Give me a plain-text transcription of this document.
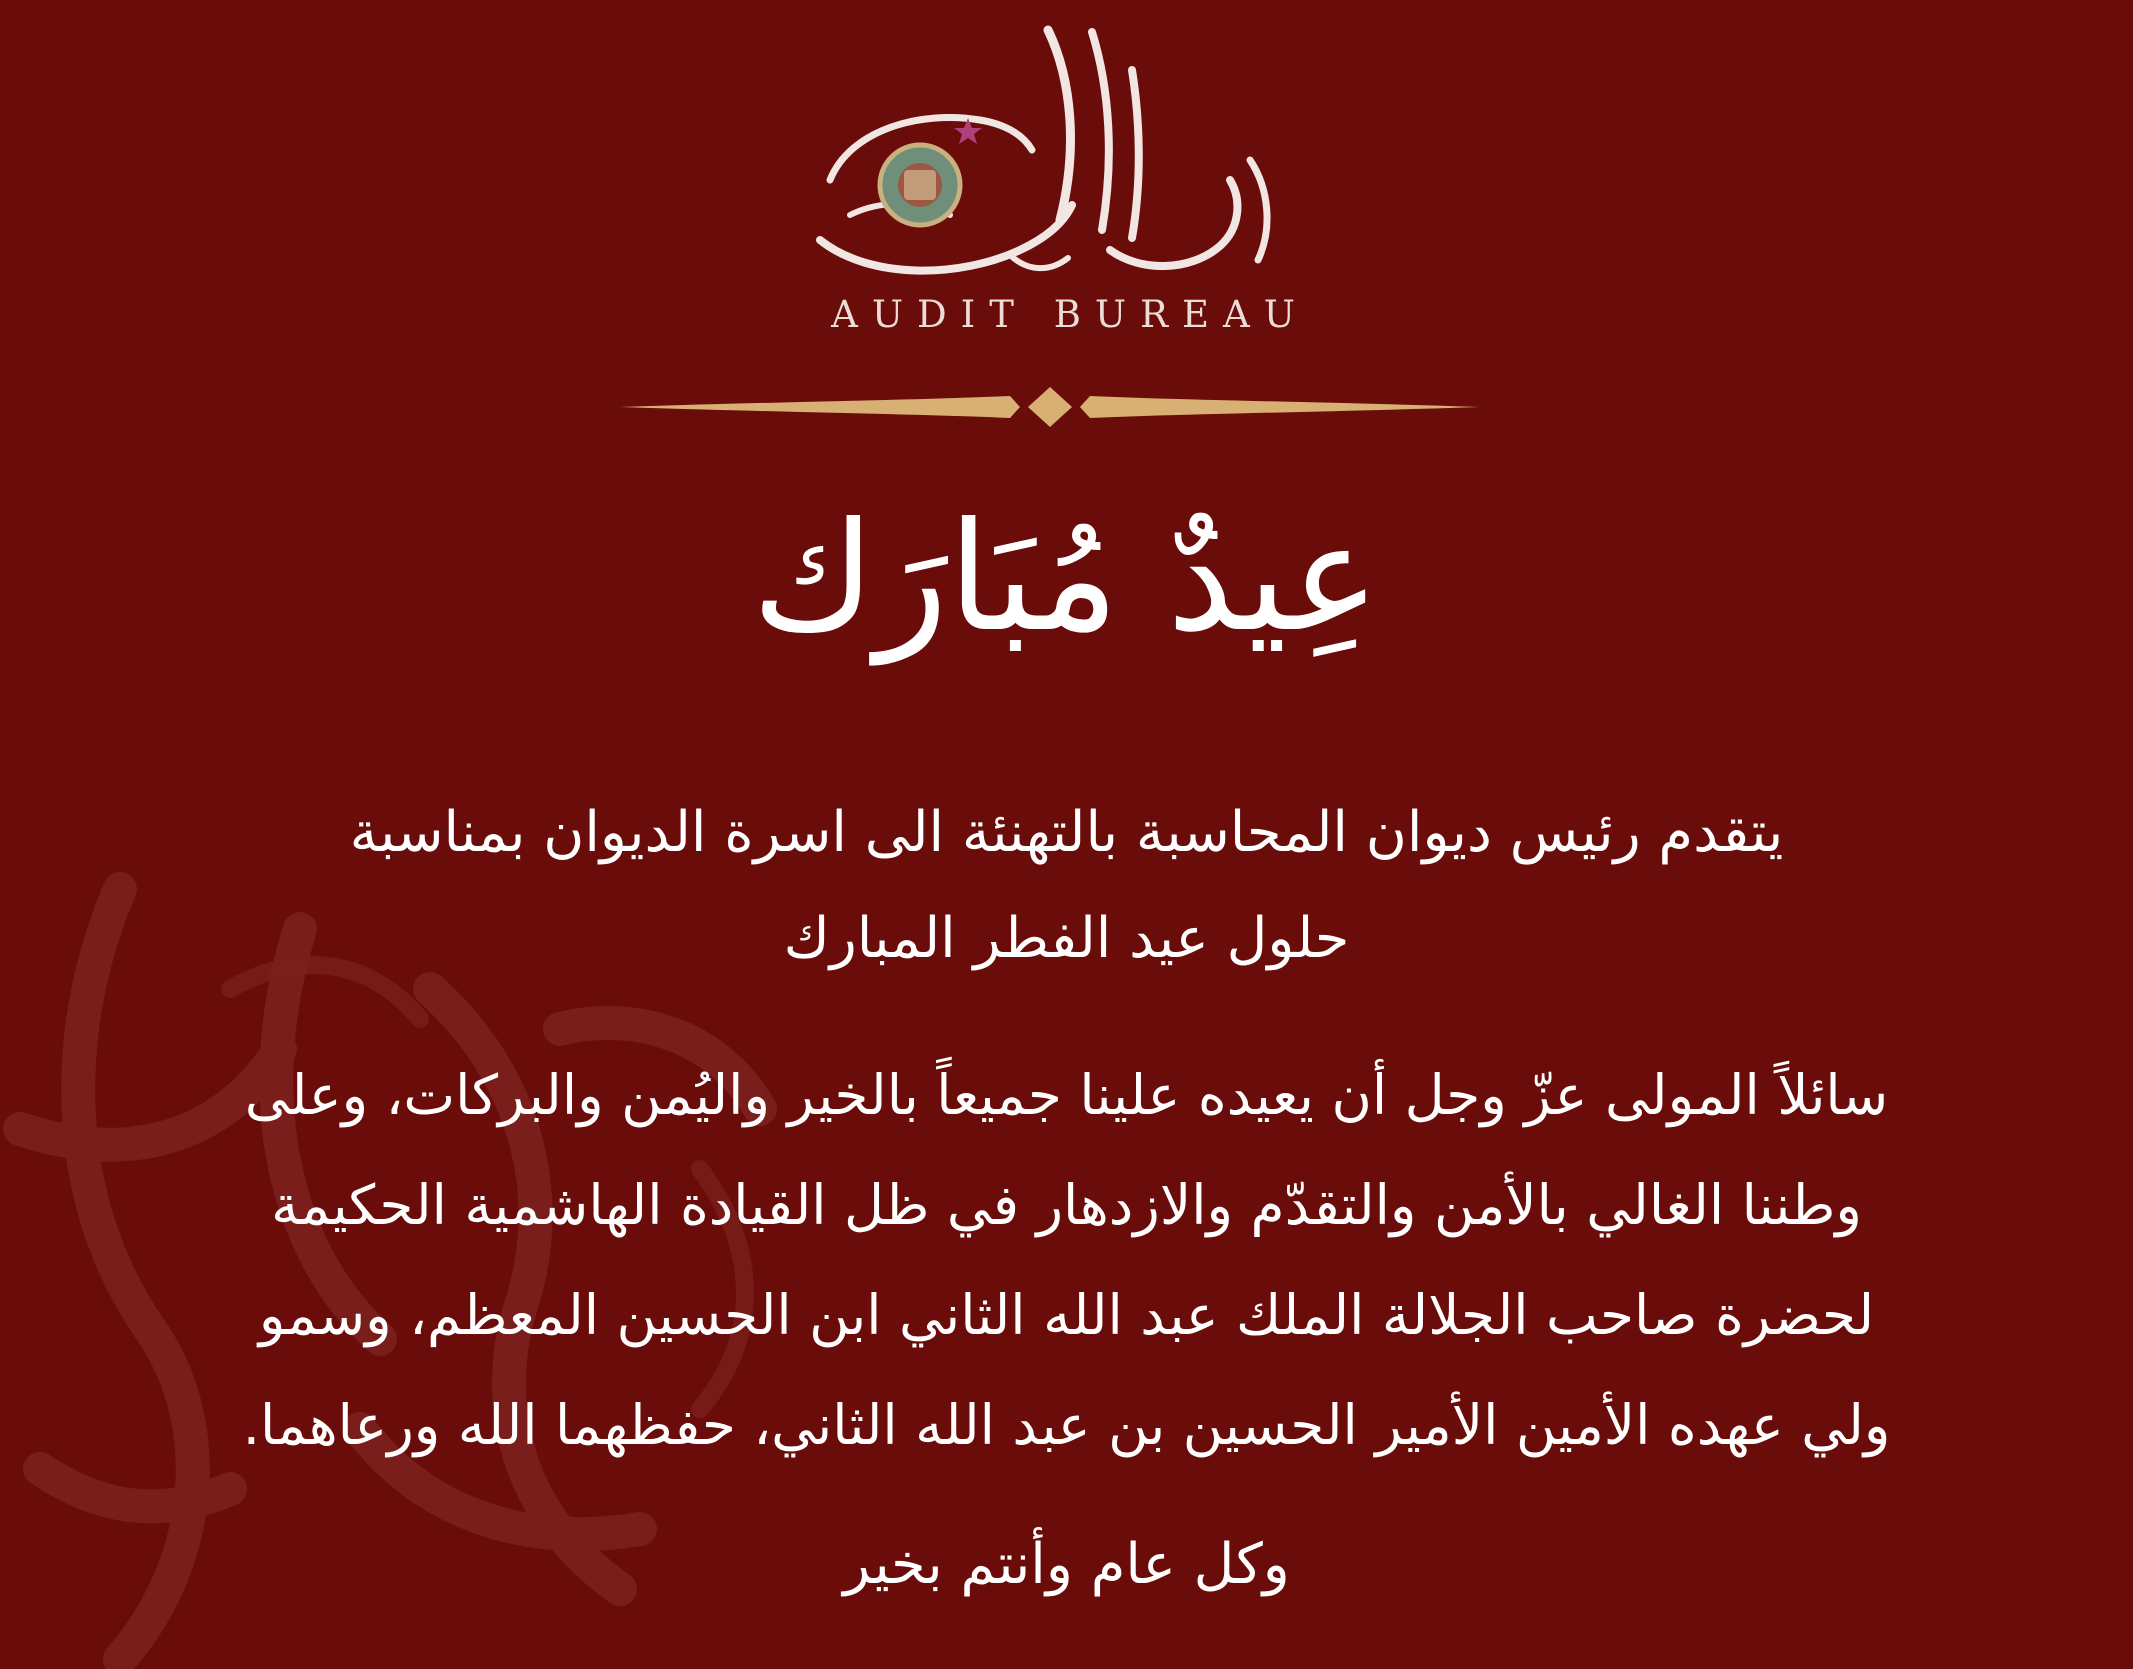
AUDIT BUREAU
عِيدٌ مُبَارَك
يتقدم رئيس ديوان المحاسبة بالتهنئة الى اسرة الديوان بمناسبة
حلول عيد الفطر المبارك
سائلاً المولى عزّ وجل أن يعيده علينا جميعاً بالخير واليُمن والبركات، وعلى
وطننا الغالي بالأمن والتقدّم والازدهار في ظل القيادة الهاشمية الحكيمة
لحضرة صاحب الجلالة الملك عبد الله الثاني ابن الحسين المعظم، وسمو
ولي عهده الأمين الأمير الحسين بن عبد الله الثاني، حفظهما الله ورعاهما.
وكل عام وأنتم بخير
